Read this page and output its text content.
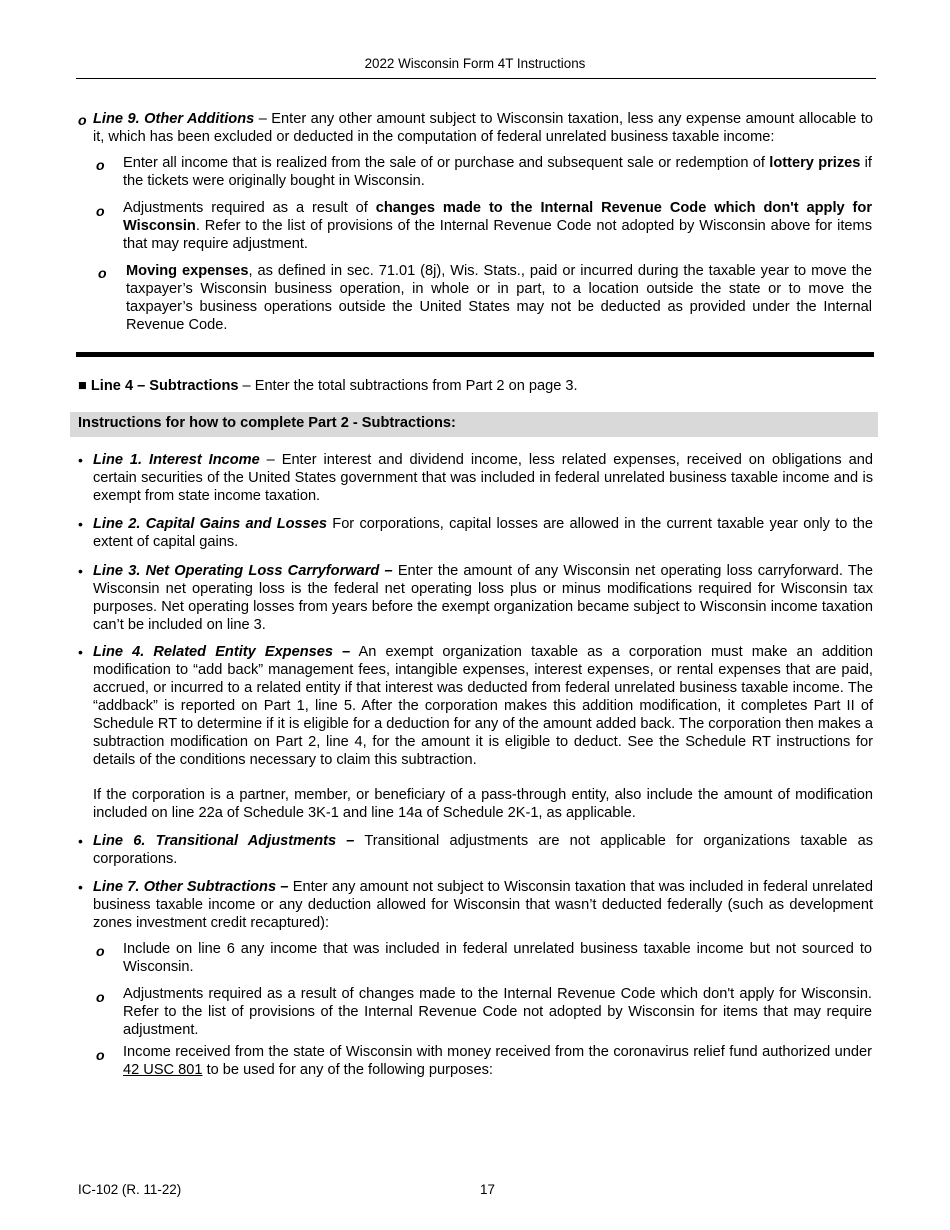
2022 Wisconsin Form 4T Instructions
o Line 9. Other Additions – Enter any other amount subject to Wisconsin taxation, less any expense amount allocable to it, which has been excluded or deducted in the computation of federal unrelated business taxable income:
o Enter all income that is realized from the sale of or purchase and subsequent sale or redemption of lottery prizes if the tickets were originally bought in Wisconsin.
o Adjustments required as a result of changes made to the Internal Revenue Code which don't apply for Wisconsin. Refer to the list of provisions of the Internal Revenue Code not adopted by Wisconsin above for items that may require adjustment.
o Moving expenses, as defined in sec. 71.01 (8j), Wis. Stats., paid or incurred during the taxable year to move the taxpayer’s Wisconsin business operation, in whole or in part, to a location outside the state or to move the taxpayer’s business operations outside the United States may not be deducted as provided under the Internal Revenue Code.
■ Line 4 – Subtractions – Enter the total subtractions from Part 2 on page 3.
Instructions for how to complete Part 2 - Subtractions:
• Line 1. Interest Income – Enter interest and dividend income, less related expenses, received on obligations and certain securities of the United States government that was included in federal unrelated business taxable income and is exempt from state income taxation.
• Line 2. Capital Gains and Losses For corporations, capital losses are allowed in the current taxable year only to the extent of capital gains.
• Line 3. Net Operating Loss Carryforward – Enter the amount of any Wisconsin net operating loss carryforward. The Wisconsin net operating loss is the federal net operating loss plus or minus modifications required for Wisconsin tax purposes. Net operating losses from years before the exempt organization became subject to Wisconsin income taxation can’t be included on line 3.
• Line 4. Related Entity Expenses – An exempt organization taxable as a corporation must make an addition modification to “add back” management fees, intangible expenses, interest expenses, or rental expenses that are paid, accrued, or incurred to a related entity if that interest was deducted from federal unrelated business taxable income. The “addback” is reported on Part 1, line 5. After the corporation makes this addition modification, it completes Part II of Schedule RT to determine if it is eligible for a deduction for any of the amount added back. The corporation then makes a subtraction modification on Part 2, line 4, for the amount it is eligible to deduct. See the Schedule RT instructions for details of the conditions necessary to claim this subtraction.
If the corporation is a partner, member, or beneficiary of a pass-through entity, also include the amount of modification included on line 22a of Schedule 3K-1 and line 14a of Schedule 2K-1, as applicable.
• Line 6. Transitional Adjustments – Transitional adjustments are not applicable for organizations taxable as corporations.
• Line 7. Other Subtractions – Enter any amount not subject to Wisconsin taxation that was included in federal unrelated business taxable income or any deduction allowed for Wisconsin that wasn’t deducted federally (such as development zones investment credit recaptured):
o Include on line 6 any income that was included in federal unrelated business taxable income but not sourced to Wisconsin.
o Adjustments required as a result of changes made to the Internal Revenue Code which don't apply for Wisconsin. Refer to the list of provisions of the Internal Revenue Code not adopted by Wisconsin for items that may require adjustment.
o Income received from the state of Wisconsin with money received from the coronavirus relief fund authorized under 42 USC 801 to be used for any of the following purposes:
IC-102 (R. 11-22)	17
